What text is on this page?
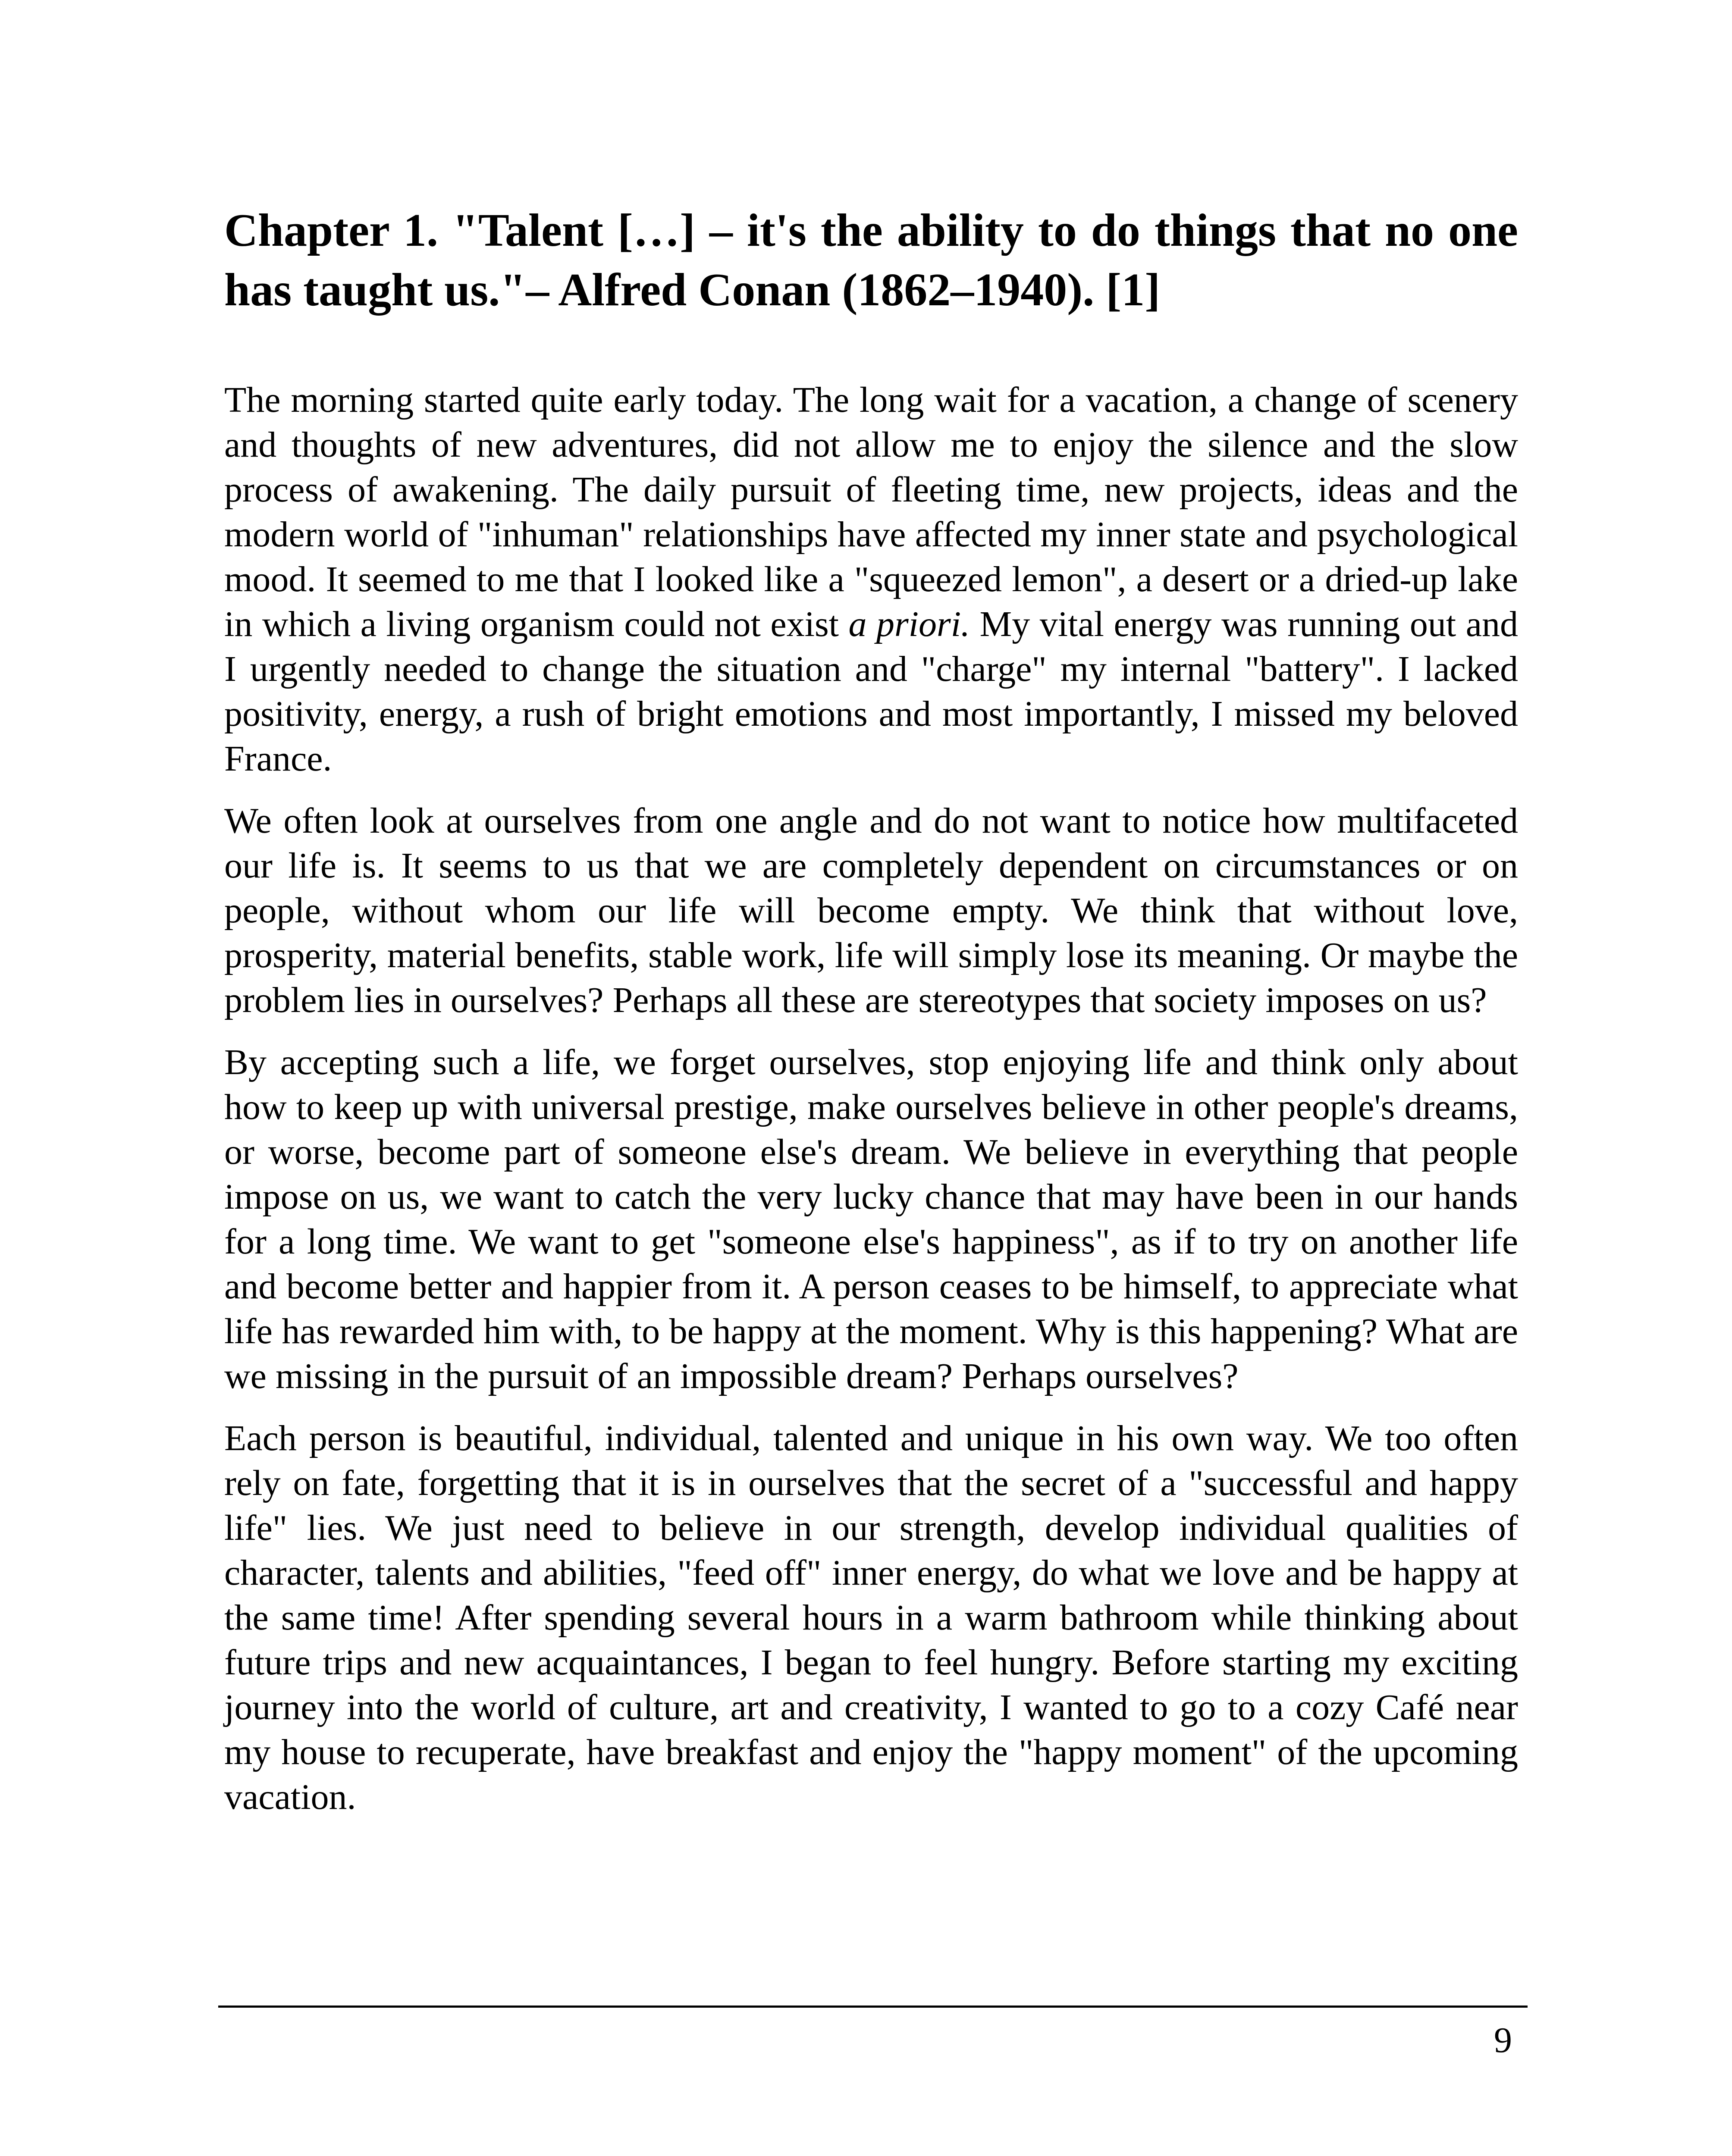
Chapter 1. "Talent […] – it's the ability to do things that no one has taught us."– Alfred Conan (1862–1940). [1]

The morning started quite early today. The long wait for a vacation, a change of scenery and thoughts of new adventures, did not allow me to enjoy the silence and the slow process of awakening. The daily pursuit of fleeting time, new projects, ideas and the modern world of "inhuman" relationships have affected my inner state and psychological mood. It seemed to me that I looked like a "squeezed lemon", a desert or a dried-up lake in which a living organism could not exist a priori. My vital energy was running out and I urgently needed to change the situation and "charge" my internal "battery". I lacked positivity, energy, a rush of bright emotions and most importantly, I missed my beloved France.

We often look at ourselves from one angle and do not want to notice how multifaceted our life is. It seems to us that we are completely dependent on circumstances or on people, without whom our life will become empty. We think that without love, prosperity, material benefits, stable work, life will simply lose its meaning. Or maybe the problem lies in ourselves? Perhaps all these are stereotypes that society imposes on us?

By accepting such a life, we forget ourselves, stop enjoying life and think only about how to keep up with universal prestige, make ourselves believe in other people's dreams, or worse, become part of someone else's dream. We believe in everything that people impose on us, we want to catch the very lucky chance that may have been in our hands for a long time. We want to get "someone else's happiness", as if to try on another life and become better and happier from it. A person ceases to be himself, to appreciate what life has rewarded him with, to be happy at the moment. Why is this happening? What are we missing in the pursuit of an impossible dream? Perhaps ourselves?

Each person is beautiful, individual, talented and unique in his own way. We too often rely on fate, forgetting that it is in ourselves that the secret of a "successful and happy life" lies. We just need to believe in our strength, develop individual qualities of character, talents and abilities, "feed off" inner energy, do what we love and be happy at the same time! After spending several hours in a warm bathroom while thinking about future trips and new acquaintances, I began to feel hungry. Before starting my exciting journey into the world of culture, art and creativity, I wanted to go to a cozy Café near my house to recuperate, have breakfast and enjoy the "happy moment" of the upcoming vacation.

9
